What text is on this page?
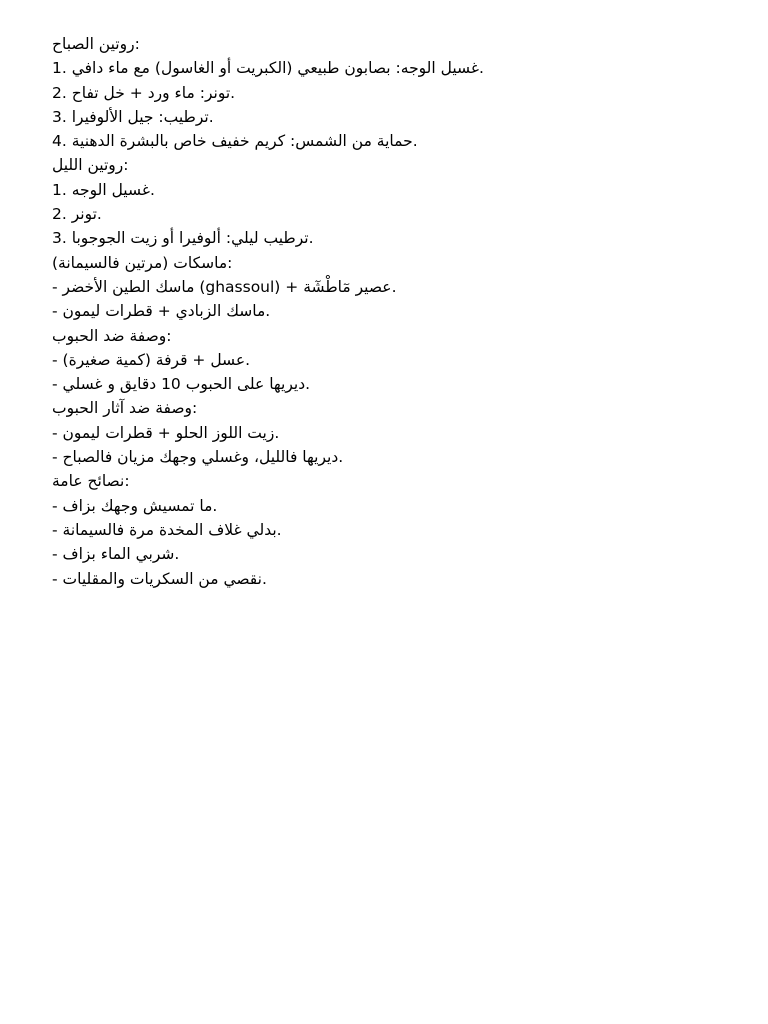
روتين الصباح:
1. غسيل الوجه: بصابون طبيعي (الكبريت أو الغاسول) مع ماء دافي.
2. تونر: ماء ورد + خل تفاح.
3. ترطيب: جيل الألوفيرا.
4. حماية من الشمس: كريم خفيف خاص بالبشرة الدهنية.
روتين الليل:
1. غسيل الوجه.
2. تونر.
3. ترطيب ليلي: ألوفيرا أو زيت الجوجوبا.
ماسكات (مرتين فالسيمانة):
- ماسك الطين الأخضر (ghassoul) + عصير مٓاطْشٓة.
- ماسك الزبادي + قطرات ليمون.
وصفة ضد الحبوب:
- عسل + قرفة (كمية صغيرة).
- ديريها على الحبوب 10 دقايق و غسلي.
وصفة ضد آثار الحبوب:
- زيت اللوز الحلو + قطرات ليمون.
- ديريها فالليل، وغسلي وجهك مزيان فالصباح.
نصائح عامة:
- ما تمسيش وجهك بزاف.
- بدلي غلاف المخدة مرة فالسيمانة.
- شربي الماء بزاف.
- نقصي من السكريات والمقليات.
